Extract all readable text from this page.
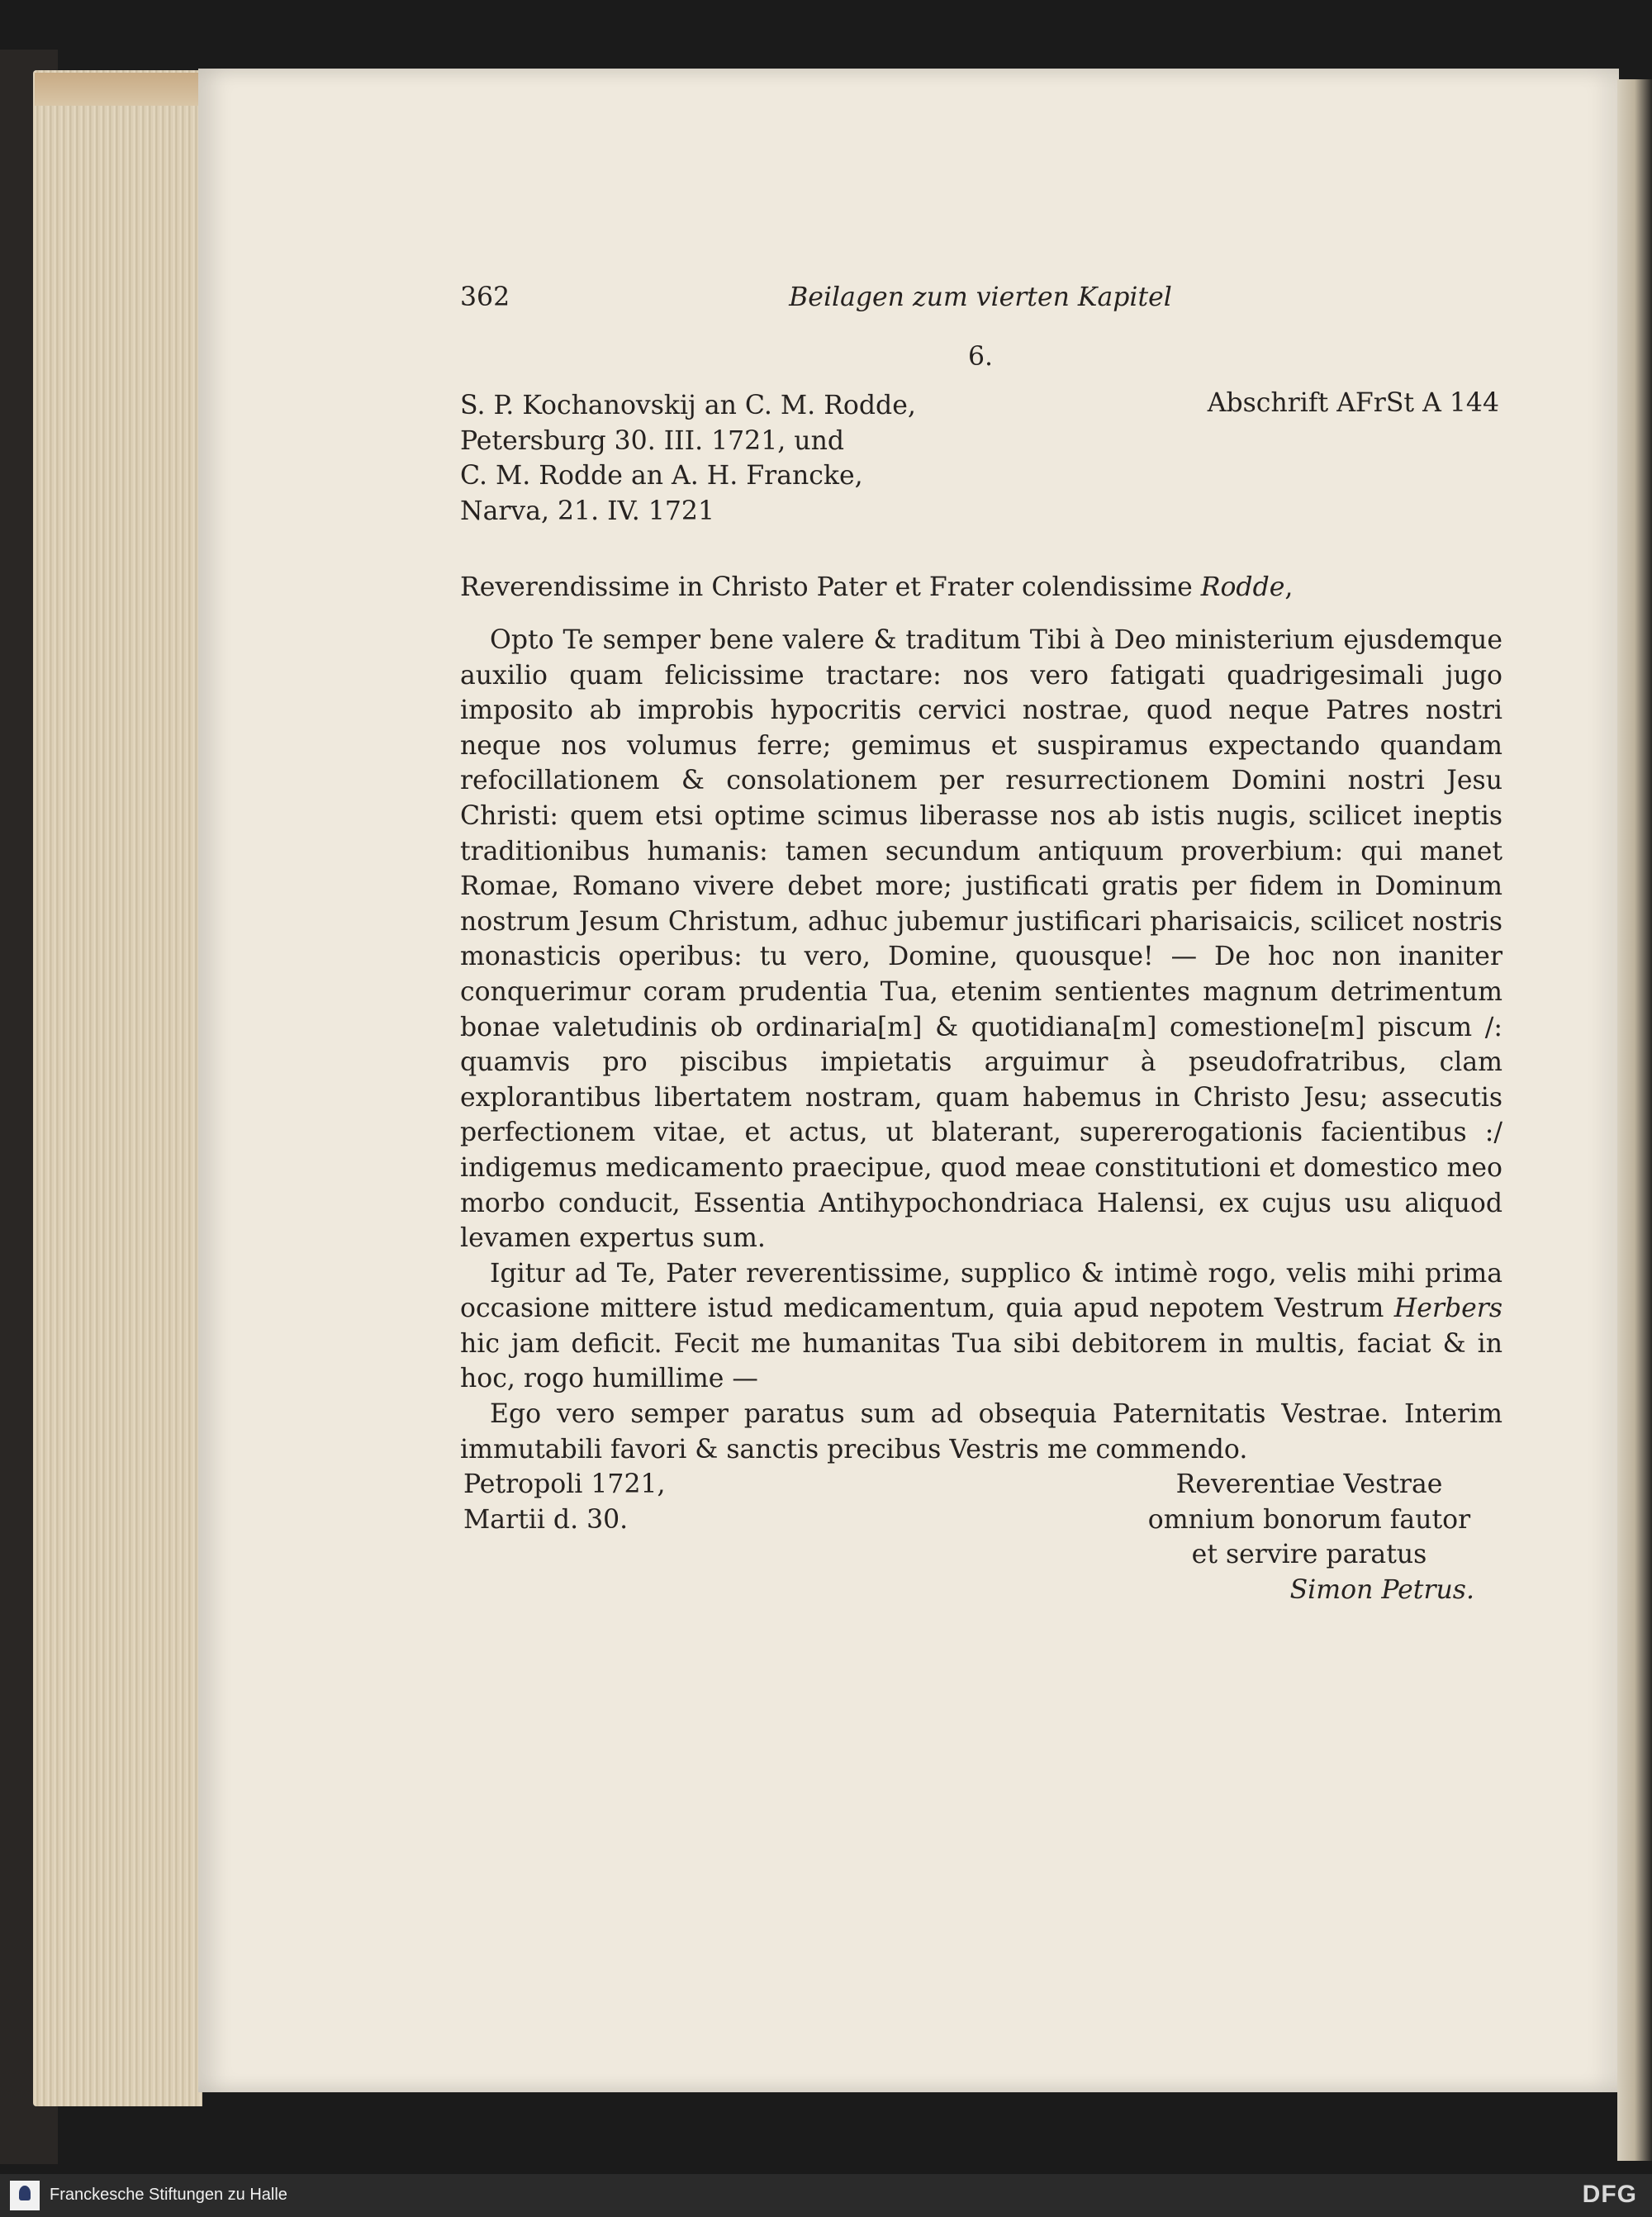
362	Beilagen zum vierten Kapitel
6.
S. P. Kochanovskij an C. M. Rodde,
Petersburg 30. III. 1721, und
C. M. Rodde an A. H. Francke,
Narva, 21. IV. 1721
Abschrift AFrSt A 144
Reverendissime in Christo Pater et Frater colendissime Rodde,

Opto Te semper bene valere & traditum Tibi à Deo ministerium ejusdemque auxilio quam felicissime tractare: nos vero fatigati quadrigesimali jugo imposito ab improbis hypocritis cervici nostrae, quod neque Patres nostri neque nos volumus ferre; gemimus et suspiramus expectando quandam refocillationem & consolationem per resurrectionem Domini nostri Jesu Christi: quem etsi optime scimus liberasse nos ab istis nugis, scilicet ineptis traditionibus humanis: tamen secundum antiquum proverbium: qui manet Romae, Romano vivere debet more; justificati gratis per fidem in Dominum nostrum Jesum Christum, adhuc jubemur justificari pharisaicis, scilicet nostris monasticis operibus: tu vero, Domine, quousque! — De hoc non inaniter conquerimur coram prudentia Tua, etenim sentientes magnum detrimentum bonae valetudinis ob ordinaria[m] & quotidiana[m] comestione[m] piscum /: quamvis pro piscibus impietatis arguimur à pseudofratribus, clam explorantibus libertatem nostram, quam habemus in Christo Jesu; assecutis perfectionem vitae, et actus, ut blaterant, supererogationis facientibus :/ indigemus medicamento praecipue, quod meae constitutioni et domestico meo morbo conducit, Essentia Antihypochondriaca Halensi, ex cujus usu aliquod levamen expertus sum.

Igitur ad Te, Pater reverentissime, supplico & intimè rogo, velis mihi prima occasione mittere istud medicamentum, quia apud nepotem Vestrum Herbers hic jam deficit. Fecit me humanitas Tua sibi debitorem in multis, faciat & in hoc, rogo humillime —

Ego vero semper paratus sum ad obsequia Paternitatis Vestrae. Interim immutabili favori & sanctis precibus Vestris me commendo.

Petropoli 1721,
Martii d. 30.
Reverentiae Vestrae
omnium bonorum fautor
et servire paratus
Simon Petrus.
Franckesche Stiftungen zu Halle	DFG
